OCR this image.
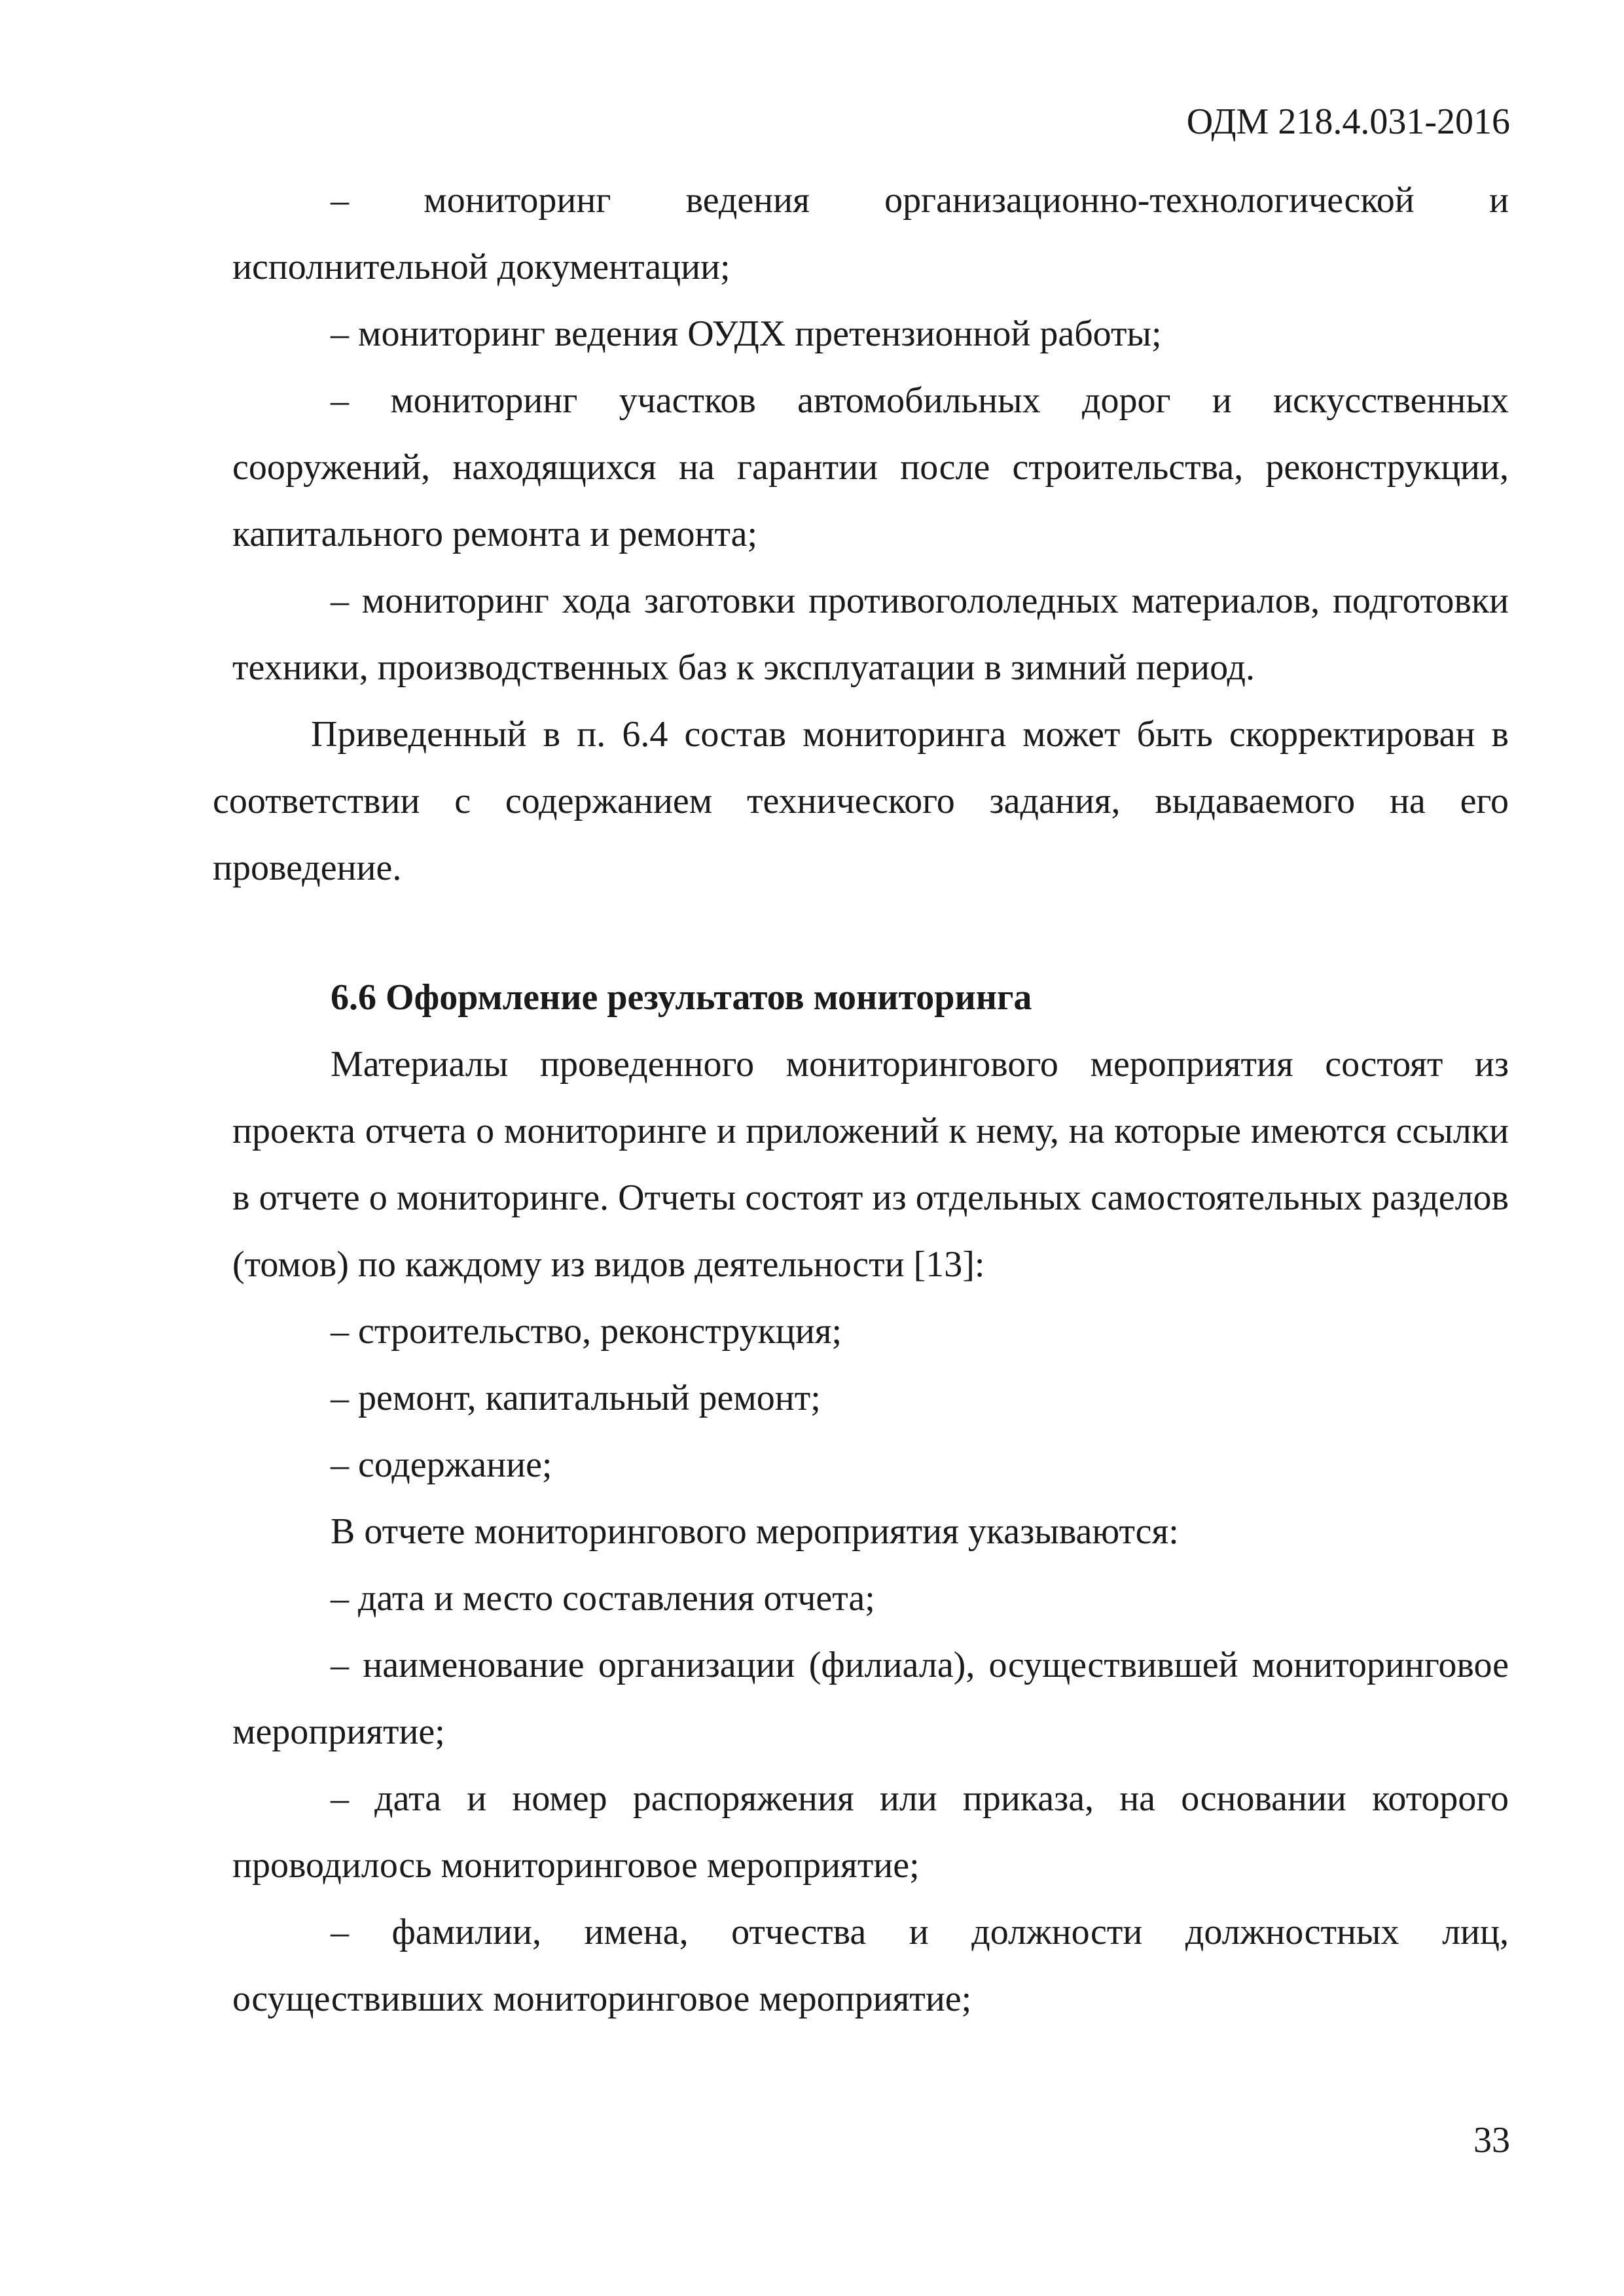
ОДМ 218.4.031-2016

– мониторинг ведения организационно-технологической и исполнительной документации;

– мониторинг ведения ОУДХ претензионной работы;

– мониторинг участков автомобильных дорог и искусственных сооружений, находящихся на гарантии после строительства, реконструкции, капитального ремонта и ремонта;

– мониторинг хода заготовки противогололедных материалов, подготовки техники, производственных баз к эксплуатации в зимний период.

Приведенный в п. 6.4 состав мониторинга может быть скорректирован в соответствии с содержанием технического задания, выдаваемого на его проведение.

6.6 Оформление результатов мониторинга

Материалы проведенного мониторингового мероприятия состоят из проекта отчета о мониторинге и приложений к нему, на которые имеются ссылки в отчете о мониторинге. Отчеты состоят из отдельных самостоятельных разделов (томов) по каждому из видов деятельности [13]:

– строительство, реконструкция;

– ремонт, капитальный ремонт;

– содержание;

В отчете мониторингового мероприятия указываются:

– дата и место составления отчета;

– наименование организации (филиала), осуществившей мониторинговое мероприятие;

– дата и номер распоряжения или приказа, на основании которого проводилось мониторинговое мероприятие;

– фамилии, имена, отчества и должности должностных лиц, осуществивших мониторинговое мероприятие;

33
